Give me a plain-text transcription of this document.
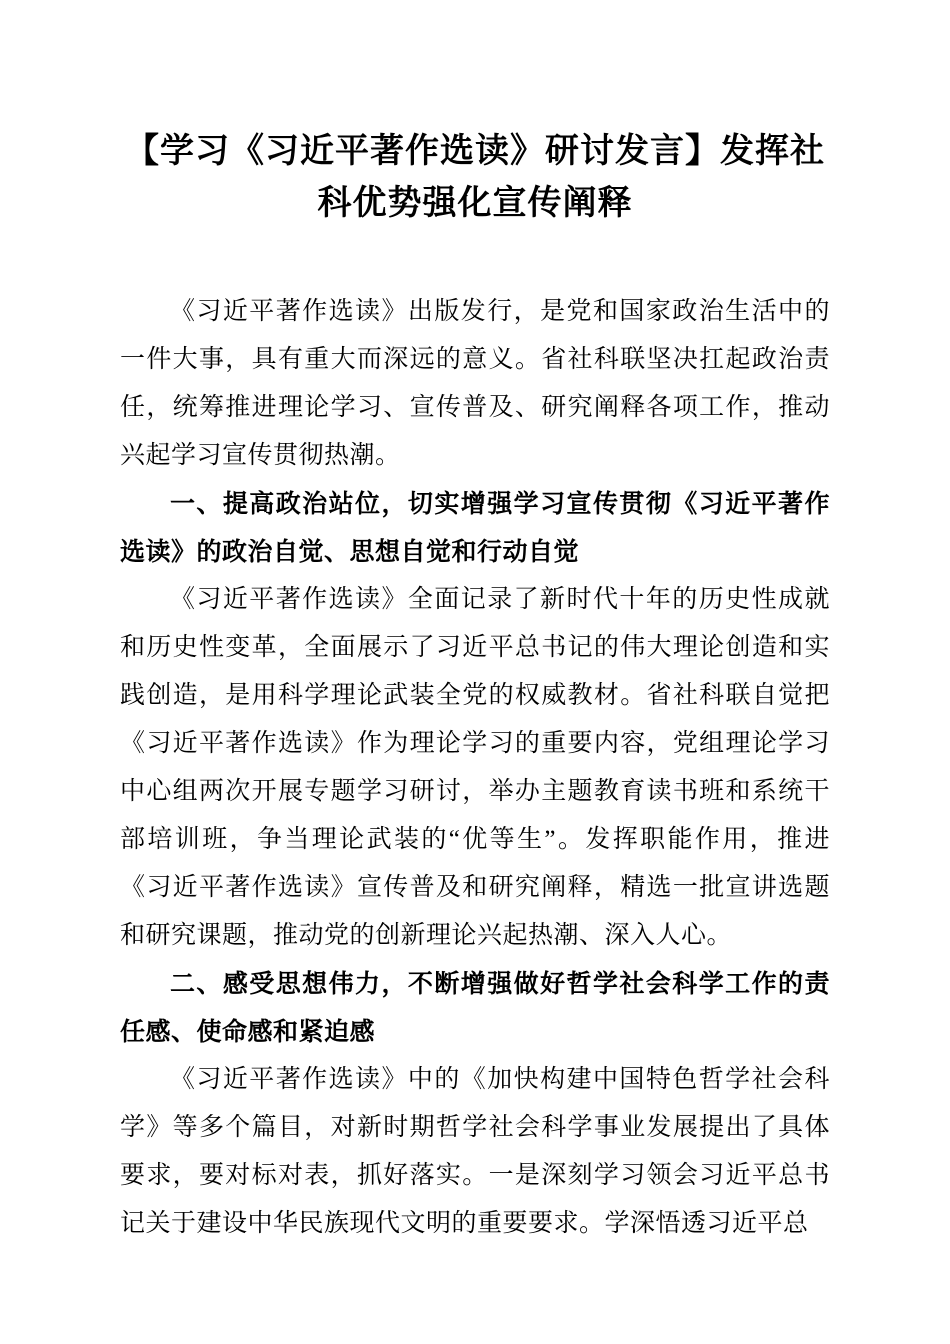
【学习《习近平著作选读》研讨发言】发挥社科优势强化宣传阐释

《习近平著作选读》出版发行，是党和国家政治生活中的一件大事，具有重大而深远的意义。省社科联坚决扛起政治责任，统筹推进理论学习、宣传普及、研究阐释各项工作，推动兴起学习宣传贯彻热潮。

一、提高政治站位，切实增强学习宣传贯彻《习近平著作选读》的政治自觉、思想自觉和行动自觉

《习近平著作选读》全面记录了新时代十年的历史性成就和历史性变革，全面展示了习近平总书记的伟大理论创造和实践创造，是用科学理论武装全党的权威教材。省社科联自觉把《习近平著作选读》作为理论学习的重要内容，党组理论学习中心组两次开展专题学习研讨，举办主题教育读书班和系统干部培训班，争当理论武装的“优等生”。发挥职能作用，推进《习近平著作选读》宣传普及和研究阐释，精选一批宣讲选题和研究课题，推动党的创新理论兴起热潮、深入人心。

二、感受思想伟力，不断增强做好哲学社会科学工作的责任感、使命感和紧迫感

《习近平著作选读》中的《加快构建中国特色哲学社会科学》等多个篇目，对新时期哲学社会科学事业发展提出了具体要求，要对标对表，抓好落实。一是深刻学习领会习近平总书记关于建设中华民族现代文明的重要要求。学深悟透习近平总
